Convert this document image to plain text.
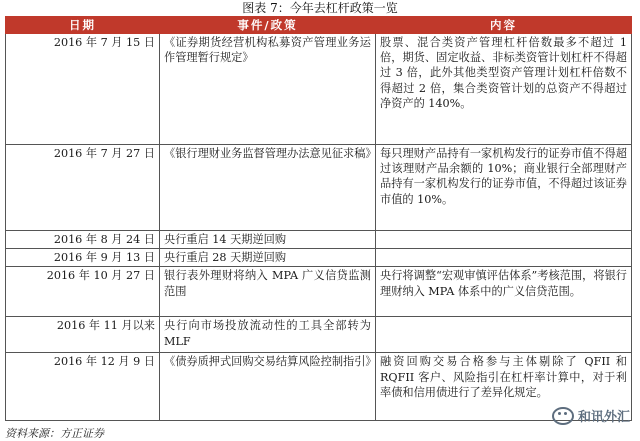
图表 7：今年去杠杆政策一览
日期	事件/政策	内容
2016 年 7 月 15 日	《证券期货经营机构私募资产管理业务运作管理暂行规定》	股票、混合类资产管理杠杆倍数最多不超过 1 倍，期货、固定收益、非标类资管计划杠杆不得超过 3 倍，此外其他类型资产管理计划杠杆倍数不得超过 2 倍，集合类资管计划的总资产不得超过净资产的 140%。
2016 年 7 月 27 日	《银行理财业务监督管理办法意见征求稿》	每只理财产品持有一家机构发行的证券市值不得超过该理财产品余额的 10%；商业银行全部理财产品持有一家机构发行的证券市值，不得超过该证券市值的 10%。
2016 年 8 月 24 日	央行重启 14 天期逆回购	
2016 年 9 月 13 日	央行重启 28 天期逆回购	
2016 年 10 月 27 日	银行表外理财将纳入 MPA 广义信贷监测范围	央行将调整“宏观审慎评估体系”考核范围，将银行理财纳入 MPA 体系中的广义信贷范围。
2016 年 11 月以来	央行向市场投放流动性的工具全部转为 MLF	
2016 年 12 月 9 日	《债券质押式回购交易结算风险控制指引》	融资回购交易合格参与主体剔除了 QFII 和 RQFII 客户、风险指引在杠杆率计算中，对于利率债和信用债进行了差异化规定。
资料来源：方正证券
和讯外汇
